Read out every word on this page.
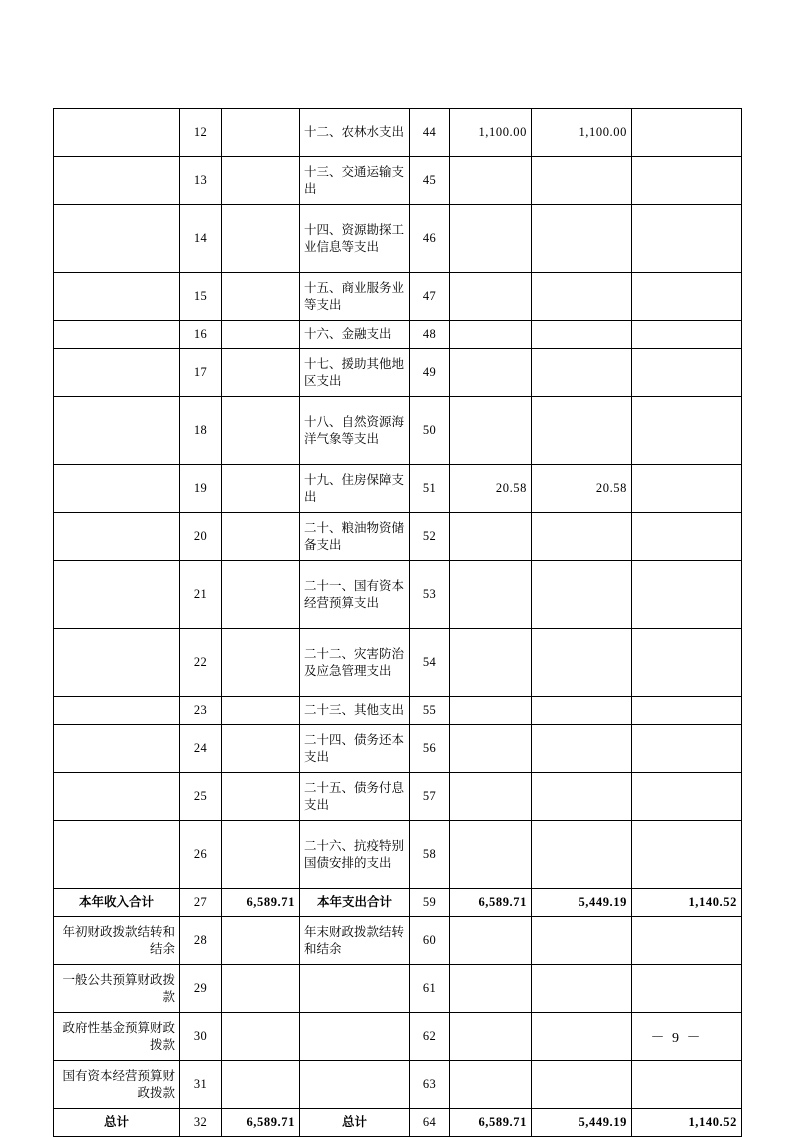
	12		十二、农林水支出	44	1,100.00	1,100.00	
	13		十三、交通运输支出	45			
	14		十四、资源勘探工业信息等支出	46			
	15		十五、商业服务业等支出	47			
	16		十六、金融支出	48			
	17		十七、援助其他地区支出	49			
	18		十八、自然资源海洋气象等支出	50			
	19		十九、住房保障支出	51	20.58	20.58	
	20		二十、粮油物资储备支出	52			
	21		二十一、国有资本经营预算支出	53			
	22		二十二、灾害防治及应急管理支出	54			
	23		二十三、其他支出	55			
	24		二十四、债务还本支出	56			
	25		二十五、债务付息支出	57			
	26		二十六、抗疫特别国债安排的支出	58			
本年收入合计	27	6,589.71	本年支出合计	59	6,589.71	5,449.19	1,140.52
年初财政拨款结转和结余	28		年末财政拨款结转和结余	60			
一般公共预算财政拨款	29			61			
政府性基金预算财政拨款	30			62			
国有资本经营预算财政拨款	31			63			
总计	32	6,589.71	总计	64	6,589.71	5,449.19	1,140.52
－ 9 －
